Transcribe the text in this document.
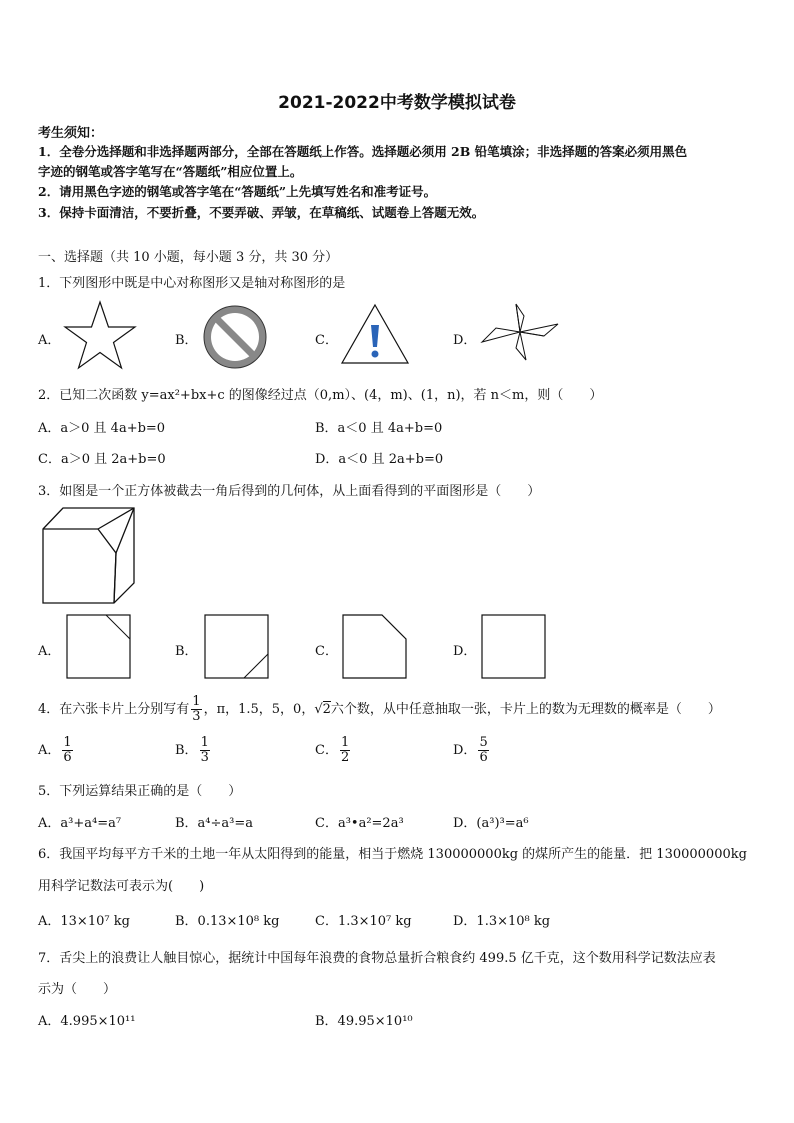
2021-2022中考数学模拟试卷
考生须知：
1．全卷分选择题和非选择题两部分，全部在答题纸上作答。选择题必须用 2B 铅笔填涂；非选择题的答案必须用黑色
字迹的钢笔或答字笔写在“答题纸”相应位置上。
2．请用黑色字迹的钢笔或答字笔在“答题纸”上先填写姓名和准考证号。
3．保持卡面清洁，不要折叠，不要弄破、弄皱，在草稿纸、试题卷上答题无效。
一、选择题（共 10 小题，每小题 3 分，共 30 分）
1．下列图形中既是中心对称图形又是轴对称图形的是
A．	B．	C．	D．
2．已知二次函数 y=ax²+bx+c 的图像经过点（0,m）、(4，m)、(1，n)，若 n＜m，则（　　）
A．a＞0 且 4a+b=0	B．a＜0 且 4a+b=0
C．a＞0 且 2a+b=0	D．a＜0 且 2a+b=0
3．如图是一个正方体被截去一角后得到的几何体，从上面看得到的平面图形是（　　）
A．	B．	C．	D．
4．在六张卡片上分别写有 $\frac{1}{3}$ ，π，1.5，5，0，√2六个数，从中任意抽取一张，卡片上的数为无理数的概率是（　　）
A． $\frac{1}{6}$	B． $\frac{1}{3}$	C． $\frac{1}{2}$	D． $\frac{5}{6}$
5．下列运算结果正确的是（　　）
A．a³+a⁴=a⁷	B．a⁴÷a³=a	C．a³•a²=2a³	D．(a³)³=a⁶
6．我国平均每平方千米的土地一年从太阳得到的能量，相当于燃烧 130000000kg 的煤所产生的能量．把 130000000kg
用科学记数法可表示为(　　)
A．13×10⁷ kg	B．0.13×10⁸ kg	C．1.3×10⁷ kg	D．1.3×10⁸ kg
7．舌尖上的浪费让人触目惊心，据统计中国每年浪费的食物总量折合粮食约 499.5 亿千克，这个数用科学记数法应表
示为（　　）
A．4.995×10¹¹	B．49.95×10¹⁰
